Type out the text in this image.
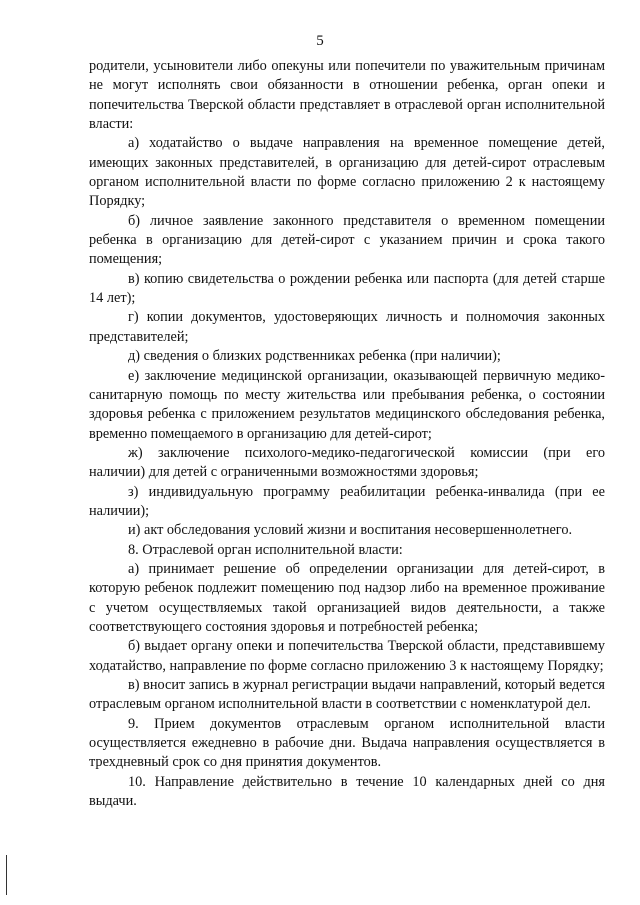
5

родители, усыновители либо опекуны или попечители по уважительным причинам не могут исполнять свои обязанности в отношении ребенка, орган опеки и попечительства Тверской области представляет в отраслевой орган исполнительной власти:

а) ходатайство о выдаче направления на временное помещение детей, имеющих законных представителей, в организацию для детей-сирот отраслевым органом исполнительной власти по форме согласно приложению 2 к настоящему Порядку;

б) личное заявление законного представителя о временном помещении ребенка в организацию для детей-сирот с указанием причин и срока такого помещения;

в) копию свидетельства о рождении ребенка или паспорта (для детей старше 14 лет);

г) копии документов, удостоверяющих личность и полномочия законных представителей;

д) сведения о близких родственниках ребенка (при наличии);

е) заключение медицинской организации, оказывающей первичную медико-санитарную помощь по месту жительства или пребывания ребенка, о состоянии здоровья ребенка с приложением результатов медицинского обследования ребенка, временно помещаемого в организацию для детей-сирот;

ж) заключение психолого-медико-педагогической комиссии (при его наличии) для детей с ограниченными возможностями здоровья;

з) индивидуальную программу реабилитации ребенка-инвалида (при ее наличии);

и) акт обследования условий жизни и воспитания несовершеннолетнего.

8. Отраслевой орган исполнительной власти:

а) принимает решение об определении организации для детей-сирот, в которую ребенок подлежит помещению под надзор либо на временное проживание с учетом осуществляемых такой организацией видов деятельности, а также соответствующего состояния здоровья и потребностей ребенка;

б) выдает органу опеки и попечительства Тверской области, представившему ходатайство, направление по форме согласно приложению 3 к настоящему Порядку;

в) вносит запись в журнал регистрации выдачи направлений, который ведется отраслевым органом исполнительной власти в соответствии с номенклатурой дел.

9. Прием документов отраслевым органом исполнительной власти осуществляется ежедневно в рабочие дни. Выдача направления осуществляется в трехдневный срок со дня принятия документов.

10. Направление действительно в течение 10 календарных дней со дня выдачи.
